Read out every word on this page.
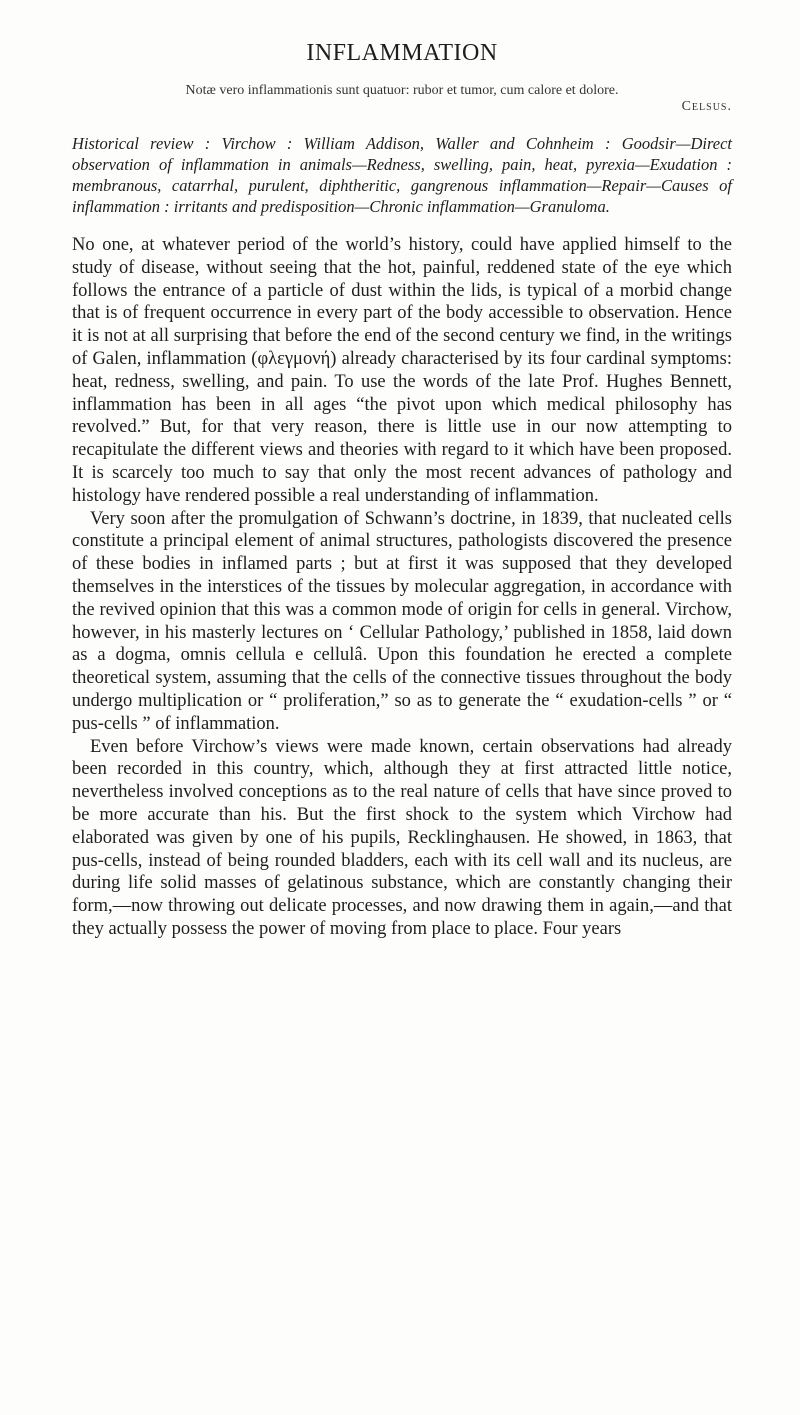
INFLAMMATION

Notæ vero inflammationis sunt quatuor: rubor et tumor, cum calore et dolore.

Celsus.

Historical review : Virchow : William Addison, Waller and Cohnheim : Goodsir—Direct observation of inflammation in animals—Redness, swelling, pain, heat, pyrexia—Exudation : membranous, catarrhal, purulent, diphtheritic, gangrenous inflammation—Repair—Causes of inflammation : irritants and predisposition—Chronic inflammation—Granuloma.

No one, at whatever period of the world’s history, could have applied himself to the study of disease, without seeing that the hot, painful, reddened state of the eye which follows the entrance of a particle of dust within the lids, is typical of a morbid change that is of frequent occurrence in every part of the body accessible to observation. Hence it is not at all surprising that before the end of the second century we find, in the writings of Galen, inflammation (φλεγμονή) already characterised by its four cardinal symptoms: heat, redness, swelling, and pain. To use the words of the late Prof. Hughes Bennett, inflammation has been in all ages “the pivot upon which medical philosophy has revolved.” But, for that very reason, there is little use in our now attempting to recapitulate the different views and theories with regard to it which have been proposed. It is scarcely too much to say that only the most recent advances of pathology and histology have rendered possible a real understanding of inflammation.

Very soon after the promulgation of Schwann’s doctrine, in 1839, that nucleated cells constitute a principal element of animal structures, pathologists discovered the presence of these bodies in inflamed parts ; but at first it was supposed that they developed themselves in the interstices of the tissues by molecular aggregation, in accordance with the revived opinion that this was a common mode of origin for cells in general. Virchow, however, in his masterly lectures on ‘ Cellular Pathology,’ published in 1858, laid down as a dogma, omnis cellula e cellulâ. Upon this foundation he erected a complete theoretical system, assuming that the cells of the connective tissues throughout the body undergo multiplication or “ proliferation,” so as to generate the “ exudation-cells ” or “ pus-cells ” of inflammation.

Even before Virchow’s views were made known, certain observations had already been recorded in this country, which, although they at first attracted little notice, nevertheless involved conceptions as to the real nature of cells that have since proved to be more accurate than his. But the first shock to the system which Virchow had elaborated was given by one of his pupils, Recklinghausen. He showed, in 1863, that pus-cells, instead of being rounded bladders, each with its cell wall and its nucleus, are during life solid masses of gelatinous substance, which are constantly changing their form,—now throwing out delicate processes, and now drawing them in again,—and that they actually possess the power of moving from place to place. Four years
